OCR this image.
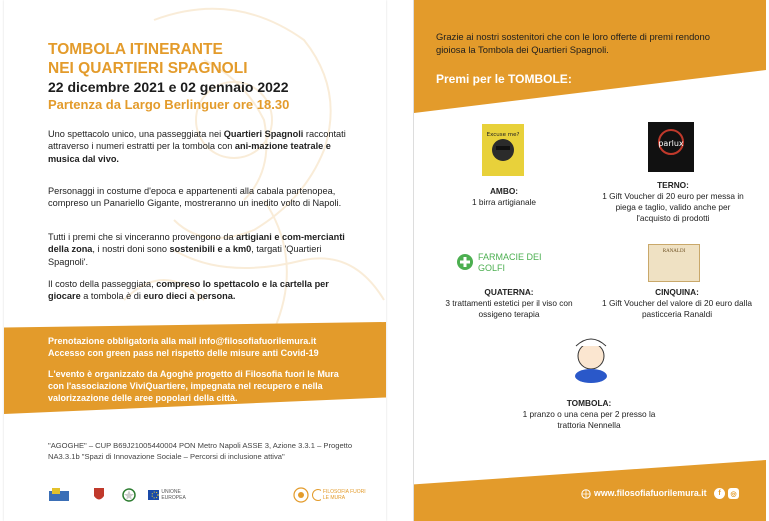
TOMBOLA ITINERANTE
NEI QUARTIERI SPAGNOLI
22 dicembre 2021 e 02 gennaio 2022
Partenza da Largo Berlinguer ore 18.30
Uno spettacolo unico, una passeggiata nei Quartieri Spagnoli raccontati attraverso i numeri estratti per la tombola con ani-mazione teatrale e musica dal vivo.
Personaggi in costume d'epoca e appartenenti alla cabala partenopea, compreso un Panariello Gigante, mostreranno un inedito volto di Napoli.
Tutti i premi che si vinceranno provengono da artigiani e com-mercianti della zona, i nostri doni sono sostenibili e a km0, targati 'Quartieri Spagnoli'.
Il costo della passeggiata, compreso lo spettacolo e la cartella per giocare a tombola è di euro dieci a persona.
Prenotazione obbligatoria alla mail info@filosofiafuorilemura.it
Accesso con green pass nel rispetto delle misure anti Covid-19
L'evento è organizzato da Agoghè progetto di Filosofia fuori le Mura con l'associazione ViviQuartiere, impegnata nel recupero e nella valorizzazione delle aree popolari della città.
"AGOGHE" – CUP B69J21005440004 PON Metro Napoli ASSE 3, Azione 3.3.1 – Progetto NA3.3.1b "Spazi di Innovazione Sociale – Percorsi di inclusione attiva"
UNIONE EUROPEA
FILOSOFIA FUORI LE MURA
Grazie ai nostri sostenitori che con le loro offerte di premi rendono gioiosa la Tombola dei Quartieri Spagnoli.
Premi per le TOMBOLE:
Excuse me?
AMBO:
1 birra artigianale
parlux
TERNO:
1 Gift Voucher di 20 euro per messa in piega e taglio, valido anche per l'acquisto di prodotti
FARMACIE DEI GOLFI
QUATERNA:
3 trattamenti estetici per il viso con ossigeno terapia
RANALDI
CINQUINA:
1 Gift Voucher del valore di 20 euro dalla pasticceria Ranaldi
TOMBOLA:
1 pranzo o una cena per 2 presso la trattoria Nennella
www.filosofiafuorilemura.it	f	◎
